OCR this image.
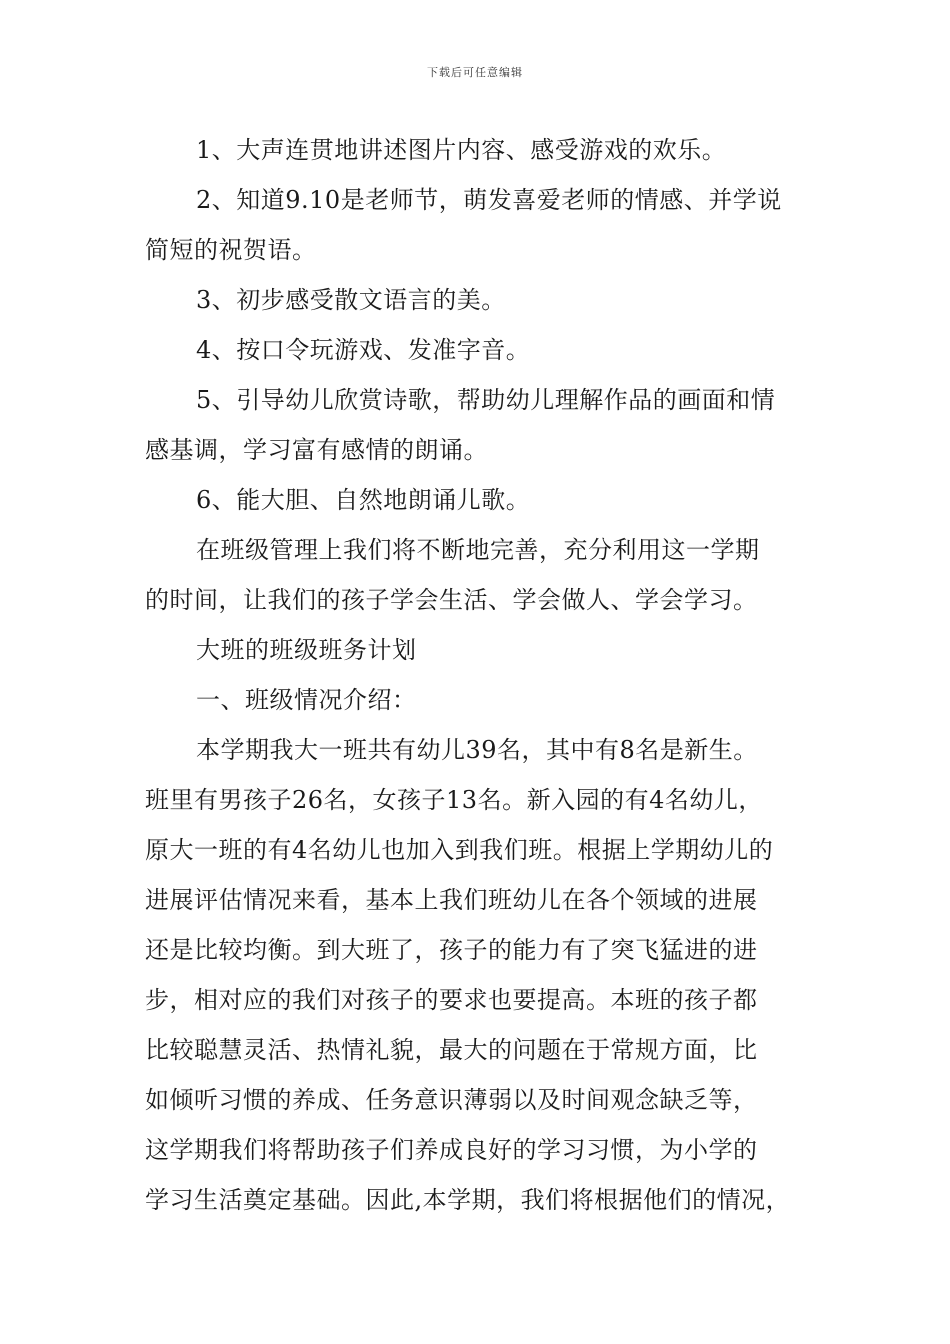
下载后可任意编辑

1、大声连贯地讲述图片内容、感受游戏的欢乐。

2、知道9.10是老师节，萌发喜爱老师的情感、并学说

简短的祝贺语。

3、初步感受散文语言的美。

4、按口令玩游戏、发准字音。

5、引导幼儿欣赏诗歌，帮助幼儿理解作品的画面和情

感基调，学习富有感情的朗诵。

6、能大胆、自然地朗诵儿歌。

在班级管理上我们将不断地完善，充分利用这一学期

的时间，让我们的孩子学会生活、学会做人、学会学习。

大班的班级班务计划

一、班级情况介绍：

本学期我大一班共有幼儿39名，其中有8名是新生。

班里有男孩子26名，女孩子13名。新入园的有4名幼儿，

原大一班的有4名幼儿也加入到我们班。根据上学期幼儿的

进展评估情况来看，基本上我们班幼儿在各个领域的进展

还是比较均衡。到大班了，孩子的能力有了突飞猛进的进

步，相对应的我们对孩子的要求也要提高。本班的孩子都

比较聪慧灵活、热情礼貌，最大的问题在于常规方面，比

如倾听习惯的养成、任务意识薄弱以及时间观念缺乏等，

这学期我们将帮助孩子们养成良好的学习习惯，为小学的

学习生活奠定基础。因此,本学期，我们将根据他们的情况，
